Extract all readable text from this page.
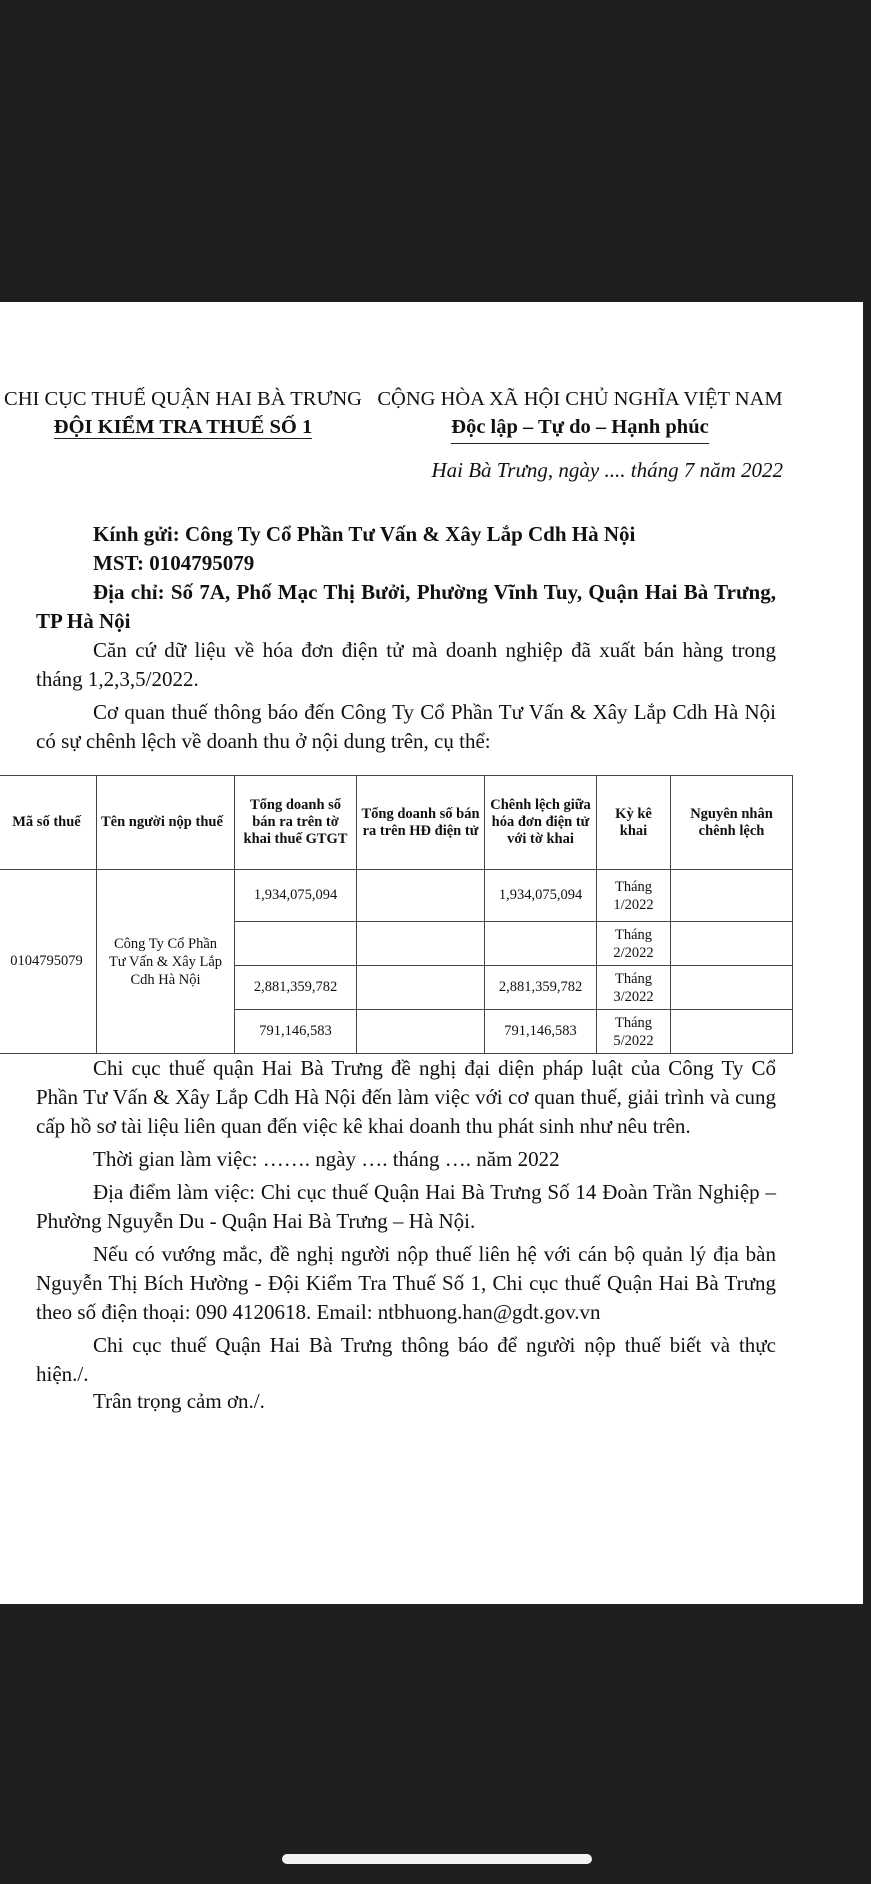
CHI CỤC THUẾ QUẬN HAI BÀ TRƯNG
ĐỘI KIỂM TRA THUẾ SỐ 1
CỘNG HÒA XÃ HỘI CHỦ NGHĨA VIỆT NAM
Độc lập – Tự do – Hạnh phúc
Hai Bà Trưng, ngày .... tháng 7 năm 2022
Kính gửi: Công Ty Cổ Phần Tư Vấn & Xây Lắp Cdh Hà Nội
MST: 0104795079
Địa chỉ: Số 7A, Phố Mạc Thị Bưởi, Phường Vĩnh Tuy, Quận Hai Bà Trưng, TP Hà Nội
Căn cứ dữ liệu về hóa đơn điện tử mà doanh nghiệp đã xuất bán hàng trong tháng 1,2,3,5/2022.
Cơ quan thuế thông báo đến Công Ty Cổ Phần Tư Vấn & Xây Lắp Cdh Hà Nội có sự chênh lệch về doanh thu ở nội dung trên, cụ thể:
Mã số thuế	Tên người nộp thuế	Tổng doanh số bán ra trên tờ khai thuế GTGT	Tổng doanh số bán ra trên HĐ điện tử	Chênh lệch giữa hóa đơn điện tử với tờ khai	Kỳ kê khai	Nguyên nhân chênh lệch
0104795079	Công Ty Cổ Phần Tư Vấn & Xây Lắp Cdh Hà Nội	1,934,075,094		1,934,075,094	Tháng 1/2022	
					Tháng 2/2022	
		2,881,359,782		2,881,359,782	Tháng 3/2022	
		791,146,583		791,146,583	Tháng 5/2022	
Chi cục thuế quận Hai Bà Trưng đề nghị đại diện pháp luật của Công Ty Cổ Phần Tư Vấn & Xây Lắp Cdh Hà Nội đến làm việc với cơ quan thuế, giải trình và cung cấp hồ sơ tài liệu liên quan đến việc kê khai doanh thu phát sinh như nêu trên.
Thời gian làm việc: ……. ngày …. tháng …. năm 2022
Địa điểm làm việc: Chi cục thuế Quận Hai Bà Trưng Số 14 Đoàn Trần Nghiệp – Phường Nguyễn Du - Quận Hai Bà Trưng – Hà Nội.
Nếu có vướng mắc, đề nghị người nộp thuế liên hệ với cán bộ quản lý địa bàn Nguyễn Thị Bích Hường - Đội Kiểm Tra Thuế Số 1, Chi cục thuế Quận Hai Bà Trưng theo số điện thoại: 090 4120618. Email: ntbhuong.han@gdt.gov.vn
Chi cục thuế Quận Hai Bà Trưng thông báo để người nộp thuế biết và thực hiện./.
Trân trọng cảm ơn./.
